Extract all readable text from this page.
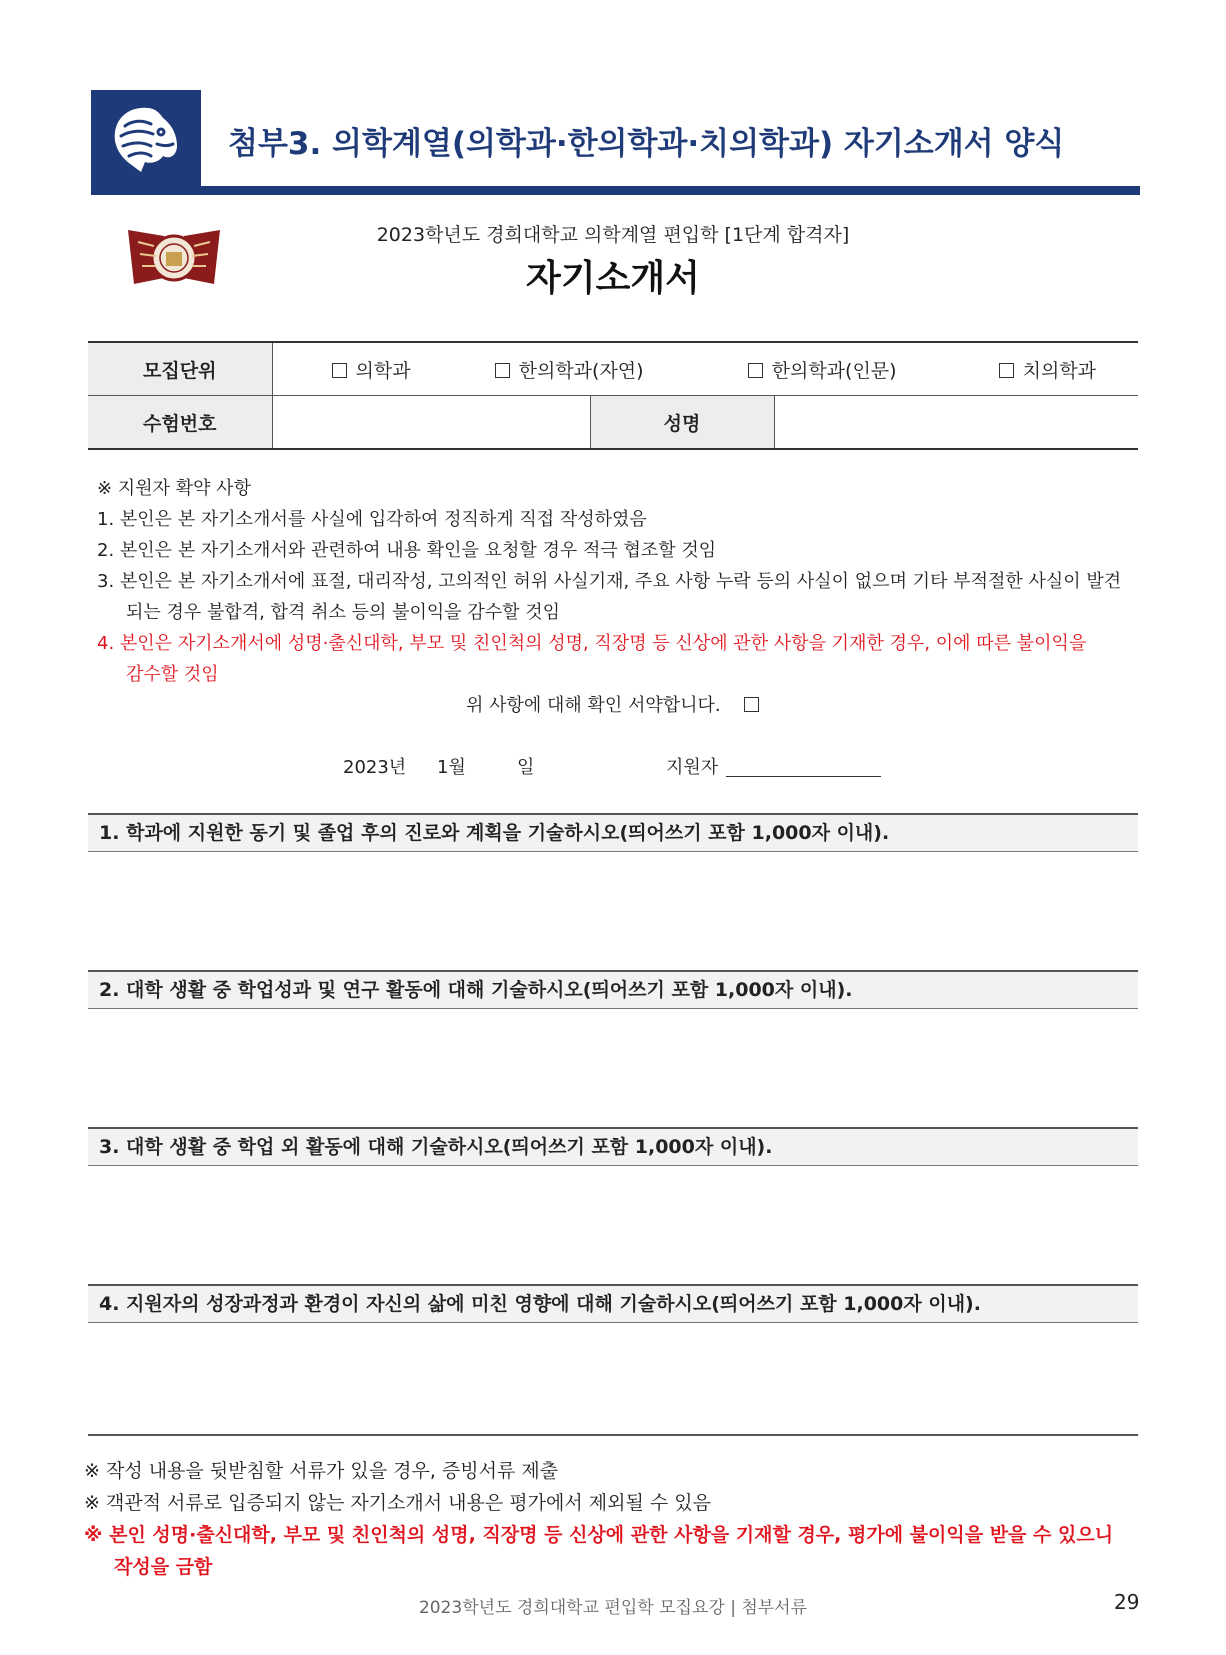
첨부3. 의학계열(의학과·한의학과·치의학과) 자기소개서 양식
2023학년도 경희대학교 의학계열 편입학 [1단계 합격자]
자기소개서
모집단위	의학과 한의학과(자연) 한의학과(인문) 치의학과		
수험번호		성명	
※ 지원자 확약 사항
1. 본인은 본 자기소개서를 사실에 입각하여 정직하게 직접 작성하였음
2. 본인은 본 자기소개서와 관련하여 내용 확인을 요청할 경우 적극 협조할 것임
3. 본인은 본 자기소개서에 표절, 대리작성, 고의적인 허위 사실기재, 주요 사항 누락 등의 사실이 없으며 기타 부적절한 사실이 발견
되는 경우 불합격, 합격 취소 등의 불이익을 감수할 것임
4. 본인은 자기소개서에 성명·출신대학, 부모 및 친인척의 성명, 직장명 등 신상에 관한 사항을 기재한 경우, 이에 따른 불이익을
감수할 것임
위 사항에 대해 확인 서약합니다.
2023년 1월	일	지원자
1. 학과에 지원한 동기 및 졸업 후의 진로와 계획을 기술하시오(띄어쓰기 포함 1,000자 이내).
2. 대학 생활 중 학업성과 및 연구 활동에 대해 기술하시오(띄어쓰기 포함 1,000자 이내).
3. 대학 생활 중 학업 외 활동에 대해 기술하시오(띄어쓰기 포함 1,000자 이내).
4. 지원자의 성장과정과 환경이 자신의 삶에 미친 영향에 대해 기술하시오(띄어쓰기 포함 1,000자 이내).
※ 작성 내용을 뒷받침할 서류가 있을 경우, 증빙서류 제출
※ 객관적 서류로 입증되지 않는 자기소개서 내용은 평가에서 제외될 수 있음
※ 본인 성명·출신대학, 부모 및 친인척의 성명, 직장명 등 신상에 관한 사항을 기재할 경우, 평가에 불이익을 받을 수 있으니
작성을 금함
2023학년도 경희대학교 편입학 모집요강 | 첨부서류	29
